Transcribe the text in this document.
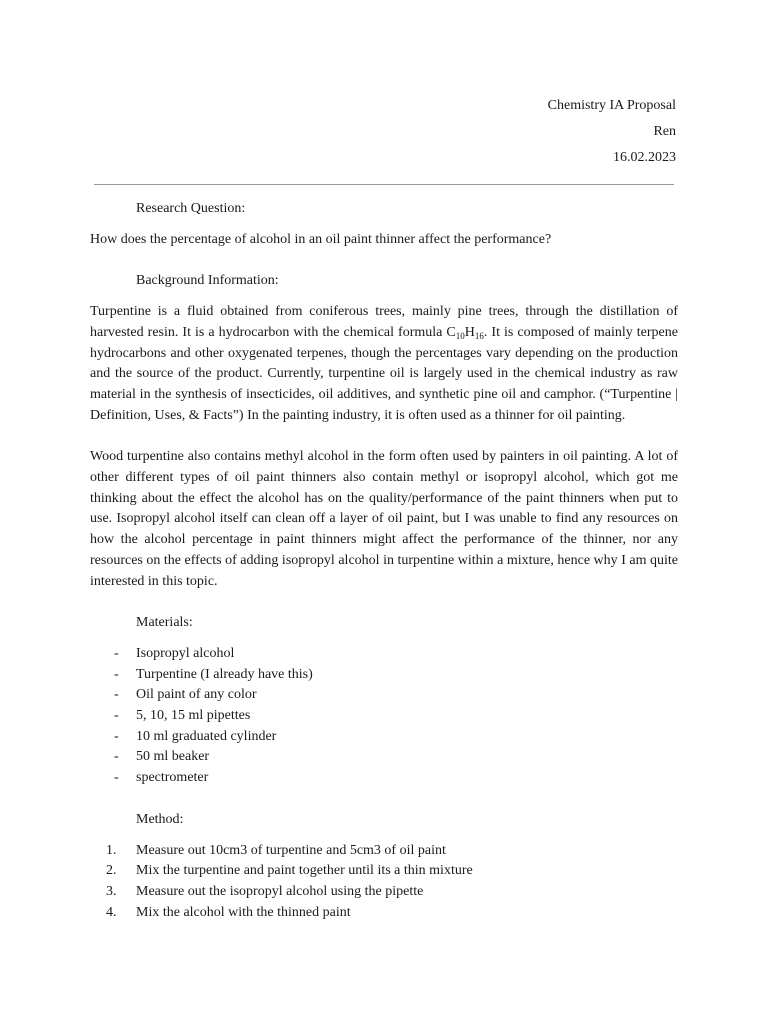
Chemistry IA Proposal
Ren
16.02.2023

Research Question:

How does the percentage of alcohol in an oil paint thinner affect the performance?

Background Information:

Turpentine is a fluid obtained from coniferous trees, mainly pine trees, through the distillation of harvested resin. It is a hydrocarbon with the chemical formula $C_{10}H_{16}$. It is composed of mainly terpene hydrocarbons and other oxygenated terpenes, though the percentages vary depending on the production and the source of the product. Currently, turpentine oil is largely used in the chemical industry as raw material in the synthesis of insecticides, oil additives, and synthetic pine oil and camphor. (“Turpentine | Definition, Uses, & Facts”) In the painting industry, it is often used as a thinner for oil painting.

Wood turpentine also contains methyl alcohol in the form often used by painters in oil painting. A lot of other different types of oil paint thinners also contain methyl or isopropyl alcohol, which got me thinking about the effect the alcohol has on the quality/performance of the paint thinners when put to use. Isopropyl alcohol itself can clean off a layer of oil paint, but I was unable to find any resources on how the alcohol percentage in paint thinners might affect the performance of the thinner, nor any resources on the effects of adding isopropyl alcohol in turpentine within a mixture, hence why I am quite interested in this topic.

Materials:

- Isopropyl alcohol
- Turpentine (I already have this)
- Oil paint of any color
- 5, 10, 15 ml pipettes
- 10 ml graduated cylinder
- 50 ml beaker
- spectrometer

Method:

1. Measure out 10cm3 of turpentine and 5cm3 of oil paint
2. Mix the turpentine and paint together until its a thin mixture
3. Measure out the isopropyl alcohol using the pipette
4. Mix the alcohol with the thinned paint
